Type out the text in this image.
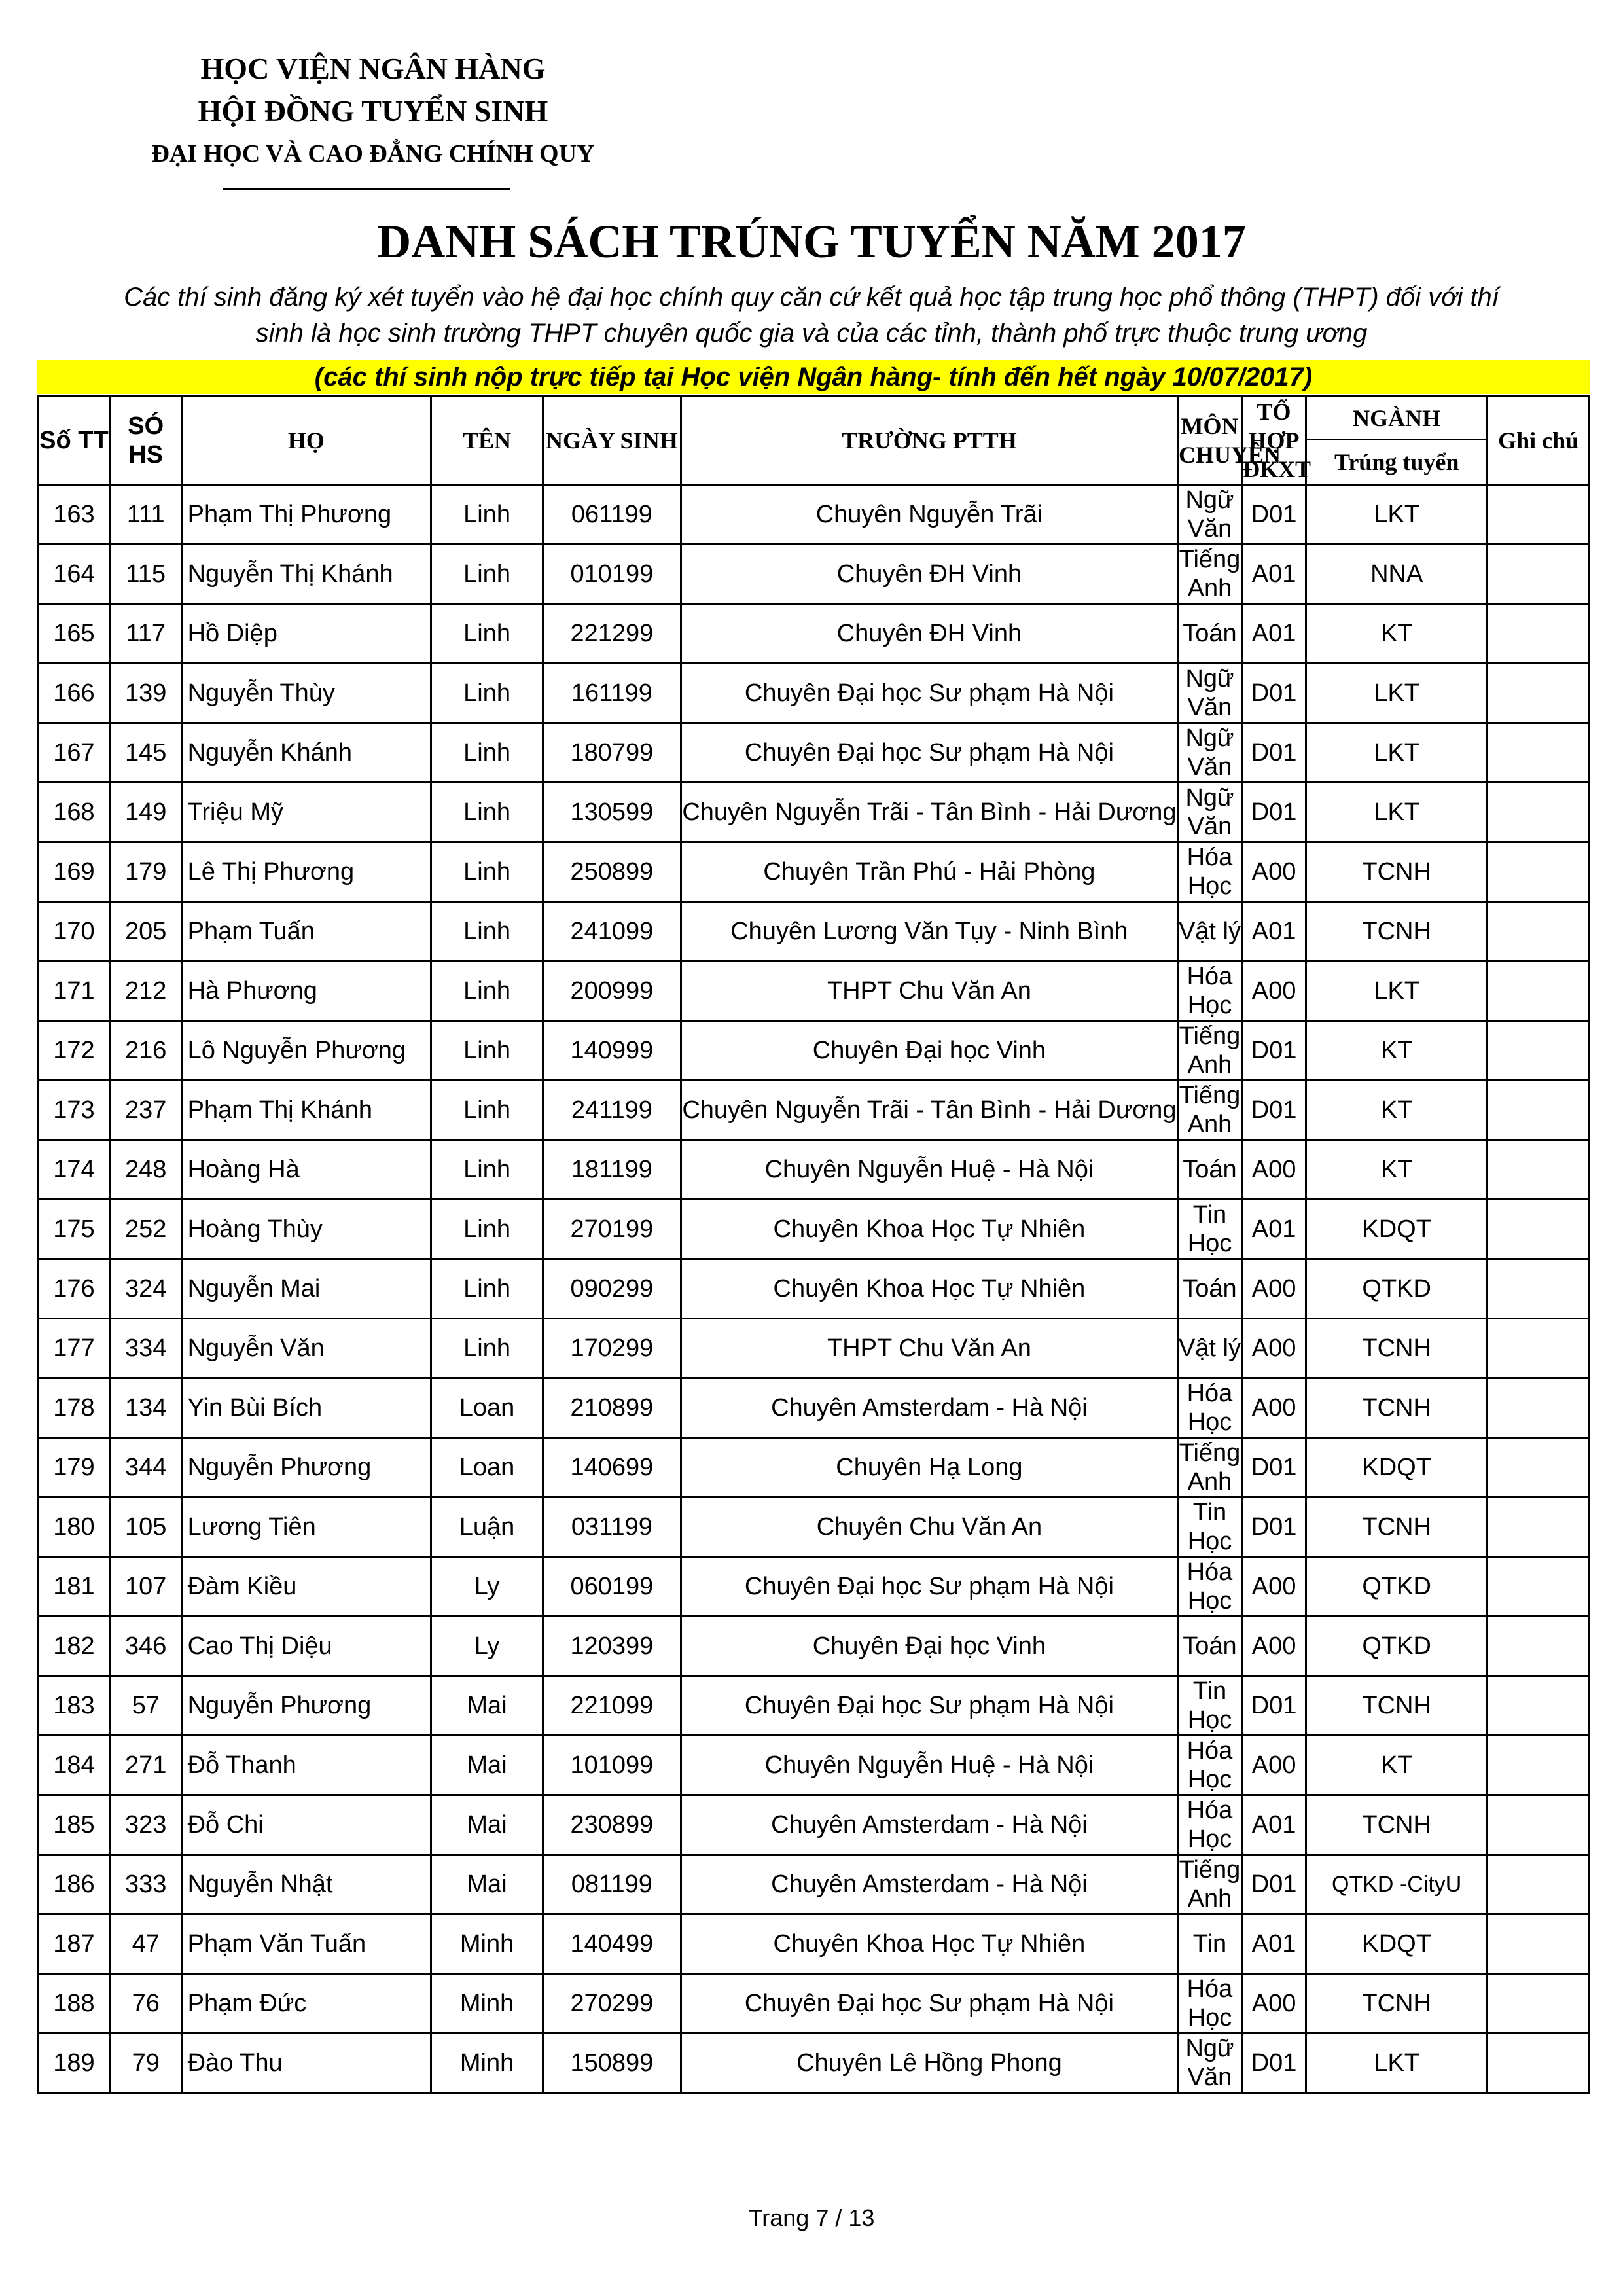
HỌC VIỆN NGÂN HÀNG
HỘI ĐỒNG TUYỂN SINH
ĐẠI HỌC VÀ CAO ĐẲNG CHÍNH QUY
DANH SÁCH TRÚNG TUYỂN NĂM 2017
Các thí sinh đăng ký xét tuyển vào hệ đại học chính quy căn cứ kết quả học tập trung học phổ thông (THPT) đối với thí
sinh là học sinh trường THPT chuyên quốc gia và của các tỉnh, thành phố trực thuộc trung ương
(các thí sinh nộp trực tiếp tại Học viện Ngân hàng- tính đến hết ngày 10/07/2017)
Số TT	SÓ HS	HỌ	TÊN	NGÀY SINH	TRƯỜNG PTTH	MÔN CHUYÊN	TỔ HỢP ĐKXT	NGÀNH	Ghi chú
								Trúng tuyển	
163	111	Phạm Thị Phương	Linh	061199	Chuyên Nguyễn Trãi	Ngữ Văn	D01	LKT	
164	115	Nguyễn Thị Khánh	Linh	010199	Chuyên ĐH Vinh	Tiếng Anh	A01	NNA	
165	117	Hồ Diệp	Linh	221299	Chuyên ĐH Vinh	Toán	A01	KT	
166	139	Nguyễn Thùy	Linh	161199	Chuyên Đại học Sư phạm Hà Nội	Ngữ Văn	D01	LKT	
167	145	Nguyễn Khánh	Linh	180799	Chuyên Đại học Sư phạm Hà Nội	Ngữ Văn	D01	LKT	
168	149	Triệu Mỹ	Linh	130599	Chuyên Nguyễn Trãi - Tân Bình - Hải Dương	Ngữ Văn	D01	LKT	
169	179	Lê Thị Phương	Linh	250899	Chuyên Trần Phú - Hải Phòng	Hóa Học	A00	TCNH	
170	205	Phạm Tuấn	Linh	241099	Chuyên Lương Văn Tụy - Ninh Bình	Vật lý	A01	TCNH	
171	212	Hà Phương	Linh	200999	THPT Chu Văn An	Hóa Học	A00	LKT	
172	216	Lô Nguyễn Phương	Linh	140999	Chuyên Đại học Vinh	Tiếng Anh	D01	KT	
173	237	Phạm Thị Khánh	Linh	241199	Chuyên Nguyễn Trãi - Tân Bình - Hải Dương	Tiếng Anh	D01	KT	
174	248	Hoàng Hà	Linh	181199	Chuyên Nguyễn Huệ - Hà Nội	Toán	A00	KT	
175	252	Hoàng Thùy	Linh	270199	Chuyên Khoa Học Tự Nhiên	Tin Học	A01	KDQT	
176	324	Nguyễn Mai	Linh	090299	Chuyên Khoa Học Tự Nhiên	Toán	A00	QTKD	
177	334	Nguyễn Văn	Linh	170299	THPT Chu Văn An	Vật lý	A00	TCNH	
178	134	Yin Bùi Bích	Loan	210899	Chuyên Amsterdam - Hà Nội	Hóa Học	A00	TCNH	
179	344	Nguyễn Phương	Loan	140699	Chuyên Hạ Long	Tiếng Anh	D01	KDQT	
180	105	Lương Tiên	Luận	031199	Chuyên Chu Văn An	Tin Học	D01	TCNH	
181	107	Đàm Kiều	Ly	060199	Chuyên Đại học Sư phạm Hà Nội	Hóa Học	A00	QTKD	
182	346	Cao Thị Diệu	Ly	120399	Chuyên Đại học Vinh	Toán	A00	QTKD	
183	57	Nguyễn Phương	Mai	221099	Chuyên Đại học Sư phạm Hà Nội	Tin Học	D01	TCNH	
184	271	Đỗ Thanh	Mai	101099	Chuyên Nguyễn Huệ - Hà Nội	Hóa Học	A00	KT	
185	323	Đỗ Chi	Mai	230899	Chuyên Amsterdam - Hà Nội	Hóa Học	A01	TCNH	
186	333	Nguyễn Nhật	Mai	081199	Chuyên Amsterdam - Hà Nội	Tiếng Anh	D01	QTKD -CityU	
187	47	Phạm Văn Tuấn	Minh	140499	Chuyên Khoa Học Tự Nhiên	Tin	A01	KDQT	
188	76	Phạm Đức	Minh	270299	Chuyên Đại học Sư phạm Hà Nội	Hóa Học	A00	TCNH	
189	79	Đào Thu	Minh	150899	Chuyên Lê Hồng Phong	Ngữ Văn	D01	LKT	
Trang 7 / 13
